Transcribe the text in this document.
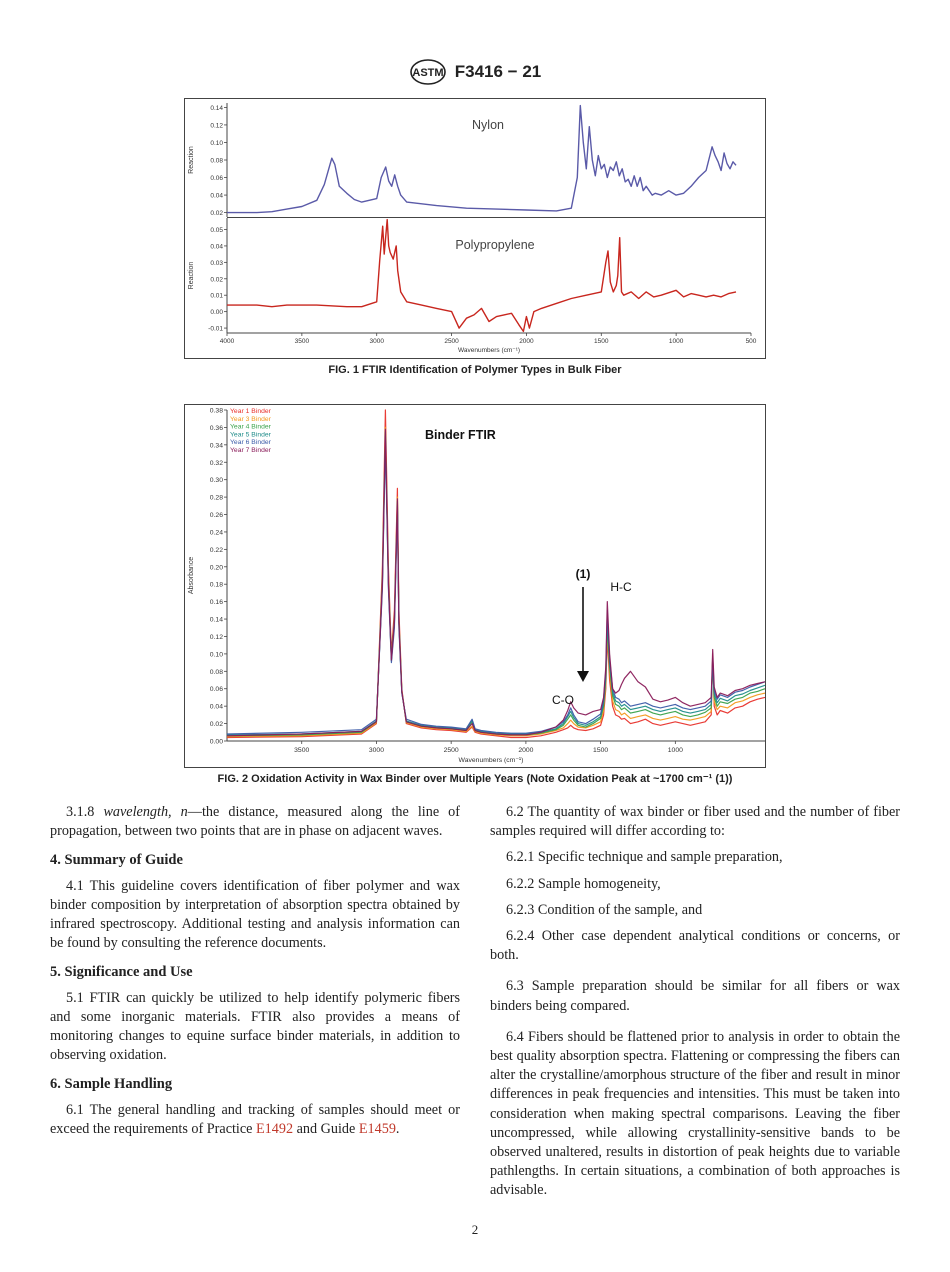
ASTM F3416 − 21
0.14
0.12
0.10
0.08
0.06
0.04
0.02
Reaction
Nylon
0.05
0.04
0.03
0.02
0.01
0.00
-0.01
Reaction
Polypropylene
4000	3500	3000	2500	2000	1500	1000	500
Wavenumbers (cm⁻¹)
FIG. 1 FTIR Identification of Polymer Types in Bulk Fiber
0.38
0.36
0.34
0.32
0.30
0.28
0.26
0.24
0.22
0.20
0.18
0.16
0.14
0.12
0.10
0.08
0.06
0.04
0.02
0.00
3500	3000	2500	2000	1500	1000
Wavenumbers (cm⁻¹)
Absorbance
Year 1 Binder
Year 3 Binder
Year 4 Binder
Year 5 Binder
Year 6 Binder
Year 7 Binder
Binder FTIR
(1)
H-C
C-O
FIG. 2 Oxidation Activity in Wax Binder over Multiple Years (Note Oxidation Peak at ~1700 cm⁻¹ (1))

3.1.8 wavelength, n—the distance, measured along the line of propagation, between two points that are in phase on adjacent waves.

4. Summary of Guide

4.1 This guideline covers identification of fiber polymer and wax binder composition by interpretation of absorption spectra obtained by infrared spectroscopy. Additional testing and analysis information can be found by consulting the reference documents.

5. Significance and Use

5.1 FTIR can quickly be utilized to help identify polymeric fibers and some inorganic materials. FTIR also provides a means of monitoring changes to equine surface binder materials, in addition to observing oxidation.

6. Sample Handling

6.1 The general handling and tracking of samples should meet or exceed the requirements of Practice E1492 and Guide E1459.

6.2 The quantity of wax binder or fiber used and the number of fiber samples required will differ according to:

6.2.1 Specific technique and sample preparation,

6.2.2 Sample homogeneity,

6.2.3 Condition of the sample, and

6.2.4 Other case dependent analytical conditions or concerns, or both.

6.3 Sample preparation should be similar for all fibers or wax binders being compared.

6.4 Fibers should be flattened prior to analysis in order to obtain the best quality absorption spectra. Flattening or compressing the fibers can alter the crystalline/amorphous structure of the fiber and result in minor differences in peak frequencies and intensities. This must be taken into consideration when making spectral comparisons. Leaving the fiber uncompressed, while allowing crystallinity-sensitive bands to be observed unaltered, results in distortion of peak heights due to variable pathlengths. In certain situations, a combination of both approaches is advisable.

2
